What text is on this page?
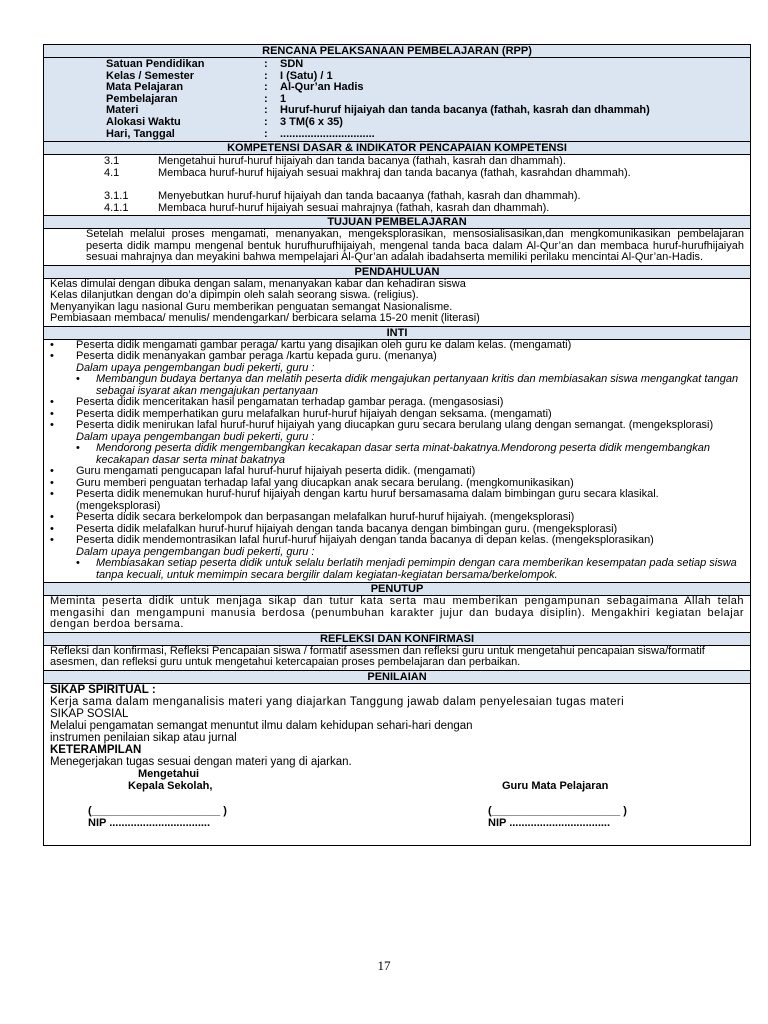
RENCANA PELAKSANAAN PEMBELAJARAN (RPP)
Satuan Pendidikan	:	SDN
Kelas / Semester	:	I (Satu) / 1
Mata Pelajaran	:	Al-Qur’an Hadis
Pembelajaran	:	1
Materi	:	Huruf-huruf hijaiyah dan tanda bacanya (fathah, kasrah dan dhammah)
Alokasi Waktu	:	3 TM(6 x 35)
Hari, Tanggal	:	...............................
KOMPETENSI DASAR & INDIKATOR PENCAPAIAN KOMPETENSI
3.1	Mengetahui huruf-huruf hijaiyah dan tanda bacanya (fathah, kasrah dan dhammah).
4.1	Membaca huruf-huruf hijaiyah sesuai makhraj dan tanda bacanya (fathah, kasrahdan dhammah).
3.1.1	Menyebutkan huruf-huruf hijaiyah dan tanda bacaanya (fathah, kasrah dan dhammah).
4.1.1	Membaca huruf-huruf hijaiyah sesuai mahrajnya (fathah, kasrah dan dhammah).
TUJUAN PEMBELAJARAN
Setelah melalui proses mengamati, menanyakan, mengeksplorasikan, mensosialisasikan,dan mengkomunikasikan pembelajaran peserta didik mampu mengenal bentuk hurufhurufhijaiyah, mengenal tanda baca dalam Al-Qur’an dan membaca huruf-hurufhijaiyah sesuai mahrajnya dan meyakini bahwa mempelajari Al-Qur’an adalah ibadahserta memiliki perilaku mencintai Al-Qur’an-Hadis.
PENDAHULUAN
Kelas dimulai dengan dibuka dengan salam, menanyakan kabar dan kehadiran siswa
Kelas dilanjutkan dengan do’a dipimpin oleh salah seorang siswa. (religius).
Menyanyikan lagu nasional Guru memberikan penguatan semangat Nasionalisme.
Pembiasaan membaca/ menulis/ mendengarkan/ berbicara selama 15-20 menit (literasi)
INTI
•	Peserta didik mengamati gambar peraga/ kartu yang disajikan oleh guru ke dalam kelas. (mengamati)
•	Peserta didik menanyakan gambar peraga /kartu kepada guru. (menanya)
Dalam upaya pengembangan budi pekerti, guru :
•	Membangun budaya bertanya dan melatih peserta didik mengajukan pertanyaan kritis dan membiasakan siswa mengangkat tangan sebagai isyarat akan mengajukan pertanyaan
•	Peserta didik menceritakan hasil pengamatan terhadap gambar peraga. (mengasosiasi)
•	Peserta didik memperhatikan guru melafalkan huruf-huruf hijaiyah dengan seksama. (mengamati)
•	Peserta didik menirukan lafal huruf-huruf hijaiyah yang diucapkan guru secara berulang ulang dengan semangat. (mengeksplorasi)
Dalam upaya pengembangan budi pekerti, guru :
•	Mendorong peserta didik mengembangkan kecakapan dasar serta minat-bakatnya.Mendorong peserta didik mengembangkan kecakapan dasar serta minat bakatnya
•	Guru mengamati pengucapan lafal huruf-huruf hijaiyah peserta didik. (mengamati)
•	Guru memberi penguatan terhadap lafal yang diucapkan anak secara berulang. (mengkomunikasikan)
•	Peserta didik menemukan huruf-huruf hijaiyah dengan kartu huruf bersamasama dalam bimbingan guru secara klasikal. (mengeksplorasi)
•	Peserta didik secara berkelompok dan berpasangan melafalkan huruf-huruf hijaiyah. (mengeksplorasi)
•	Peserta didik melafalkan huruf-huruf hijaiyah dengan tanda bacanya dengan bimbingan guru. (mengeksplorasi)
•	Peserta didik mendemontrasikan lafal huruf-huruf hijaiyah dengan tanda bacanya di depan kelas. (mengeksplorasikan)
Dalam upaya pengembangan budi pekerti, guru :
•	Membiasakan setiap peserta didik untuk selalu berlatih menjadi pemimpin dengan cara memberikan kesempatan pada setiap siswa tanpa kecuali, untuk memimpin secara bergilir dalam kegiatan-kegiatan bersama/berkelompok.
PENUTUP
Meminta peserta didik untuk menjaga sikap dan tutur kata serta mau memberikan pengampunan sebagaimana Allah telah mengasihi dan mengampuni manusia berdosa (penumbuhan karakter jujur dan budaya disiplin). Mengakhiri kegiatan belajar dengan berdoa bersama.
REFLEKSI DAN KONFIRMASI
Refleksi dan konfirmasi, Refleksi Pencapaian siswa / formatif asessmen dan refleksi guru untuk mengetahui pencapaian siswa/formatif asesmen, dan refleksi guru untuk mengetahui ketercapaian proses pembelajaran dan perbaikan.
PENILAIAN
SIKAP SPIRITUAL :
Kerja sama dalam menganalisis materi yang diajarkan Tanggung jawab dalam penyelesaian tugas materi
SIKAP SOSIAL
Melalui pengamatan semangat menuntut ilmu dalam kehidupan sehari-hari dengan
instrumen penilaian sikap atau jurnal
KETERAMPILAN
Menegerjakan tugas sesuai dengan materi yang di ajarkan.
Mengetahui
Kepala Sekolah,
(_____________________ )
NIP .................................
Guru Mata Pelajaran
(_____________________ )
NIP .................................
17
